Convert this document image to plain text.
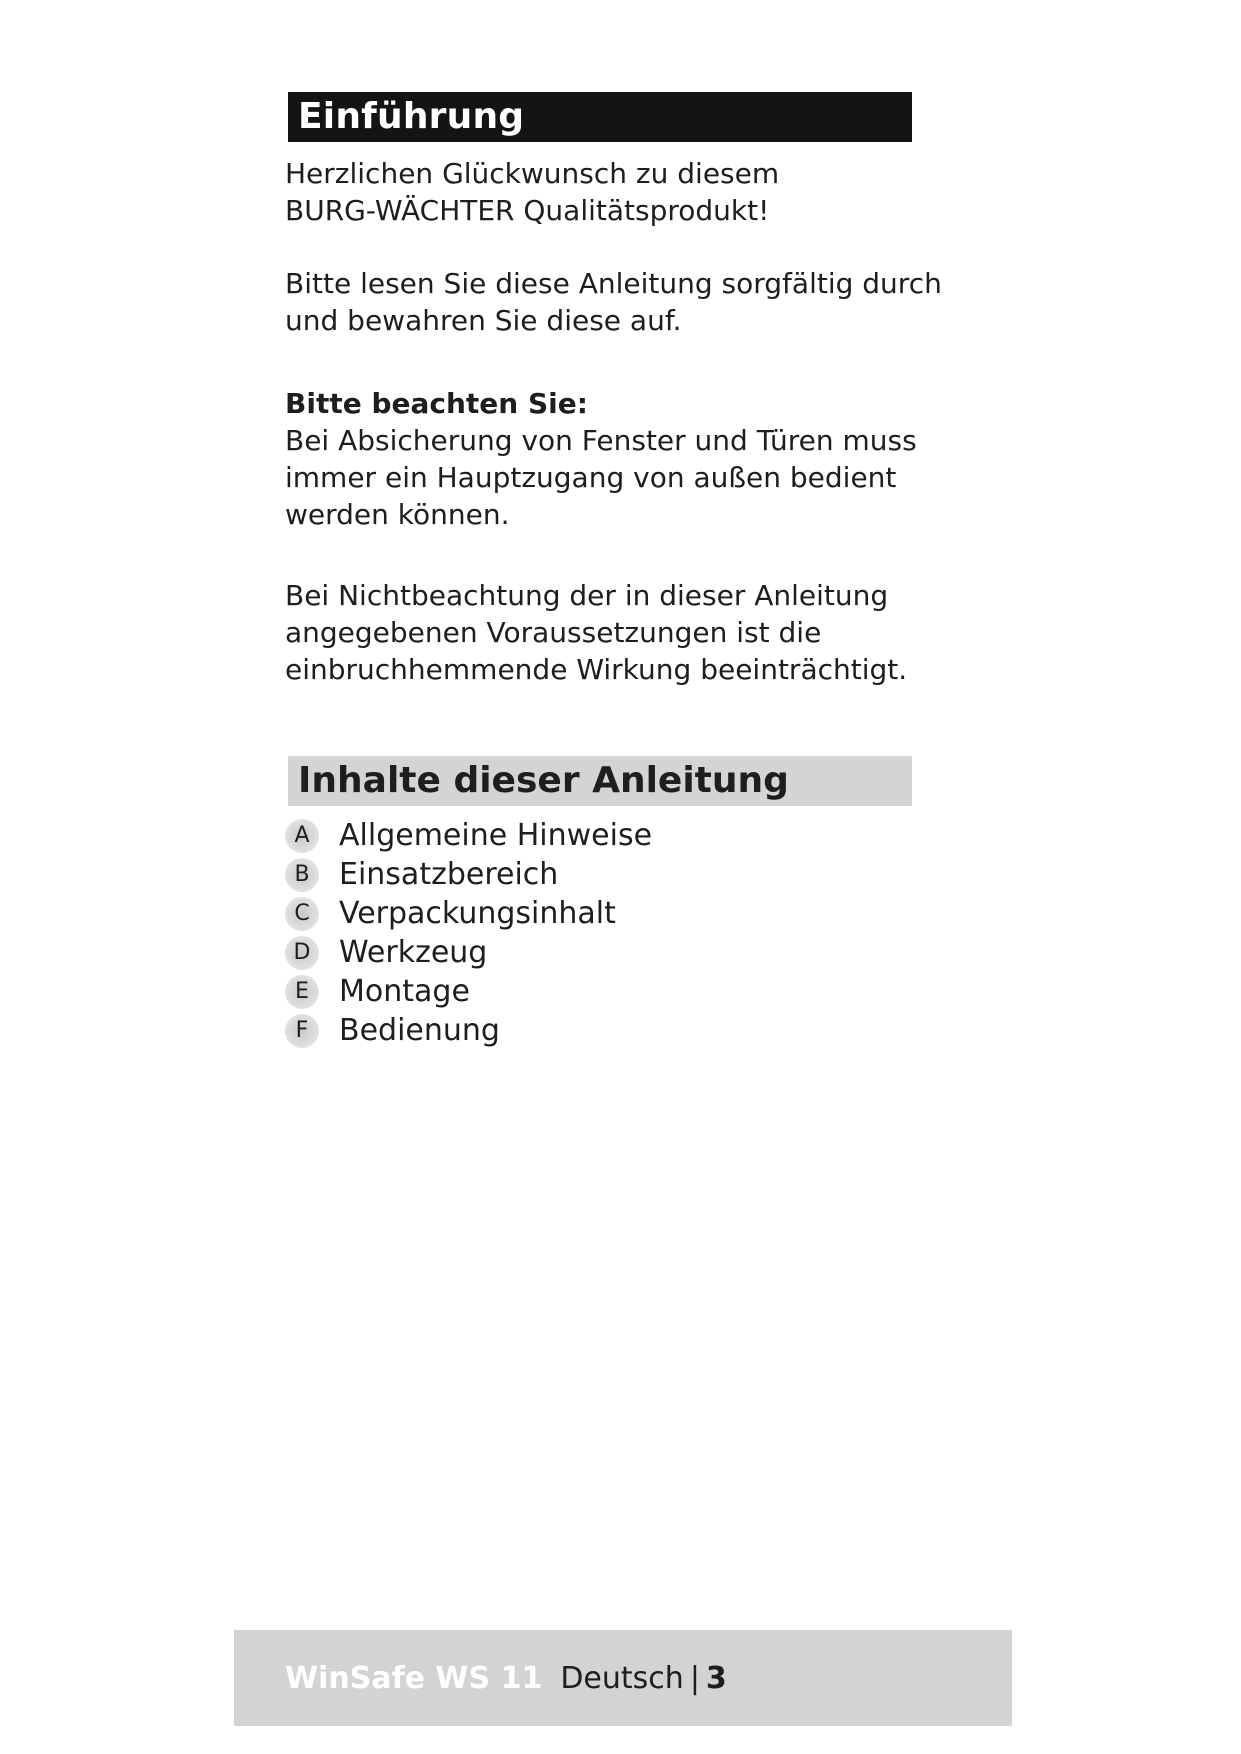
Einführung

Herzlichen Glückwunsch zu diesem
BURG-WÄCHTER Qualitätsprodukt!

Bitte lesen Sie diese Anleitung sorgfältig durch
und bewahren Sie diese auf.

Bitte beachten Sie:
Bei Absicherung von Fenster und Türen muss
immer ein Hauptzugang von außen bedient
werden können.

Bei Nichtbeachtung der in dieser Anleitung
angegebenen Voraussetzungen ist die
einbruchhemmende Wirkung beeinträchtigt.

Inhalte dieser Anleitung
A Allgemeine Hinweise
B Einsatzbereich
C Verpackungsinhalt
D Werkzeug
E	Montage
F	Bedienung
WinSafe WS 11 Deutsch | 3
